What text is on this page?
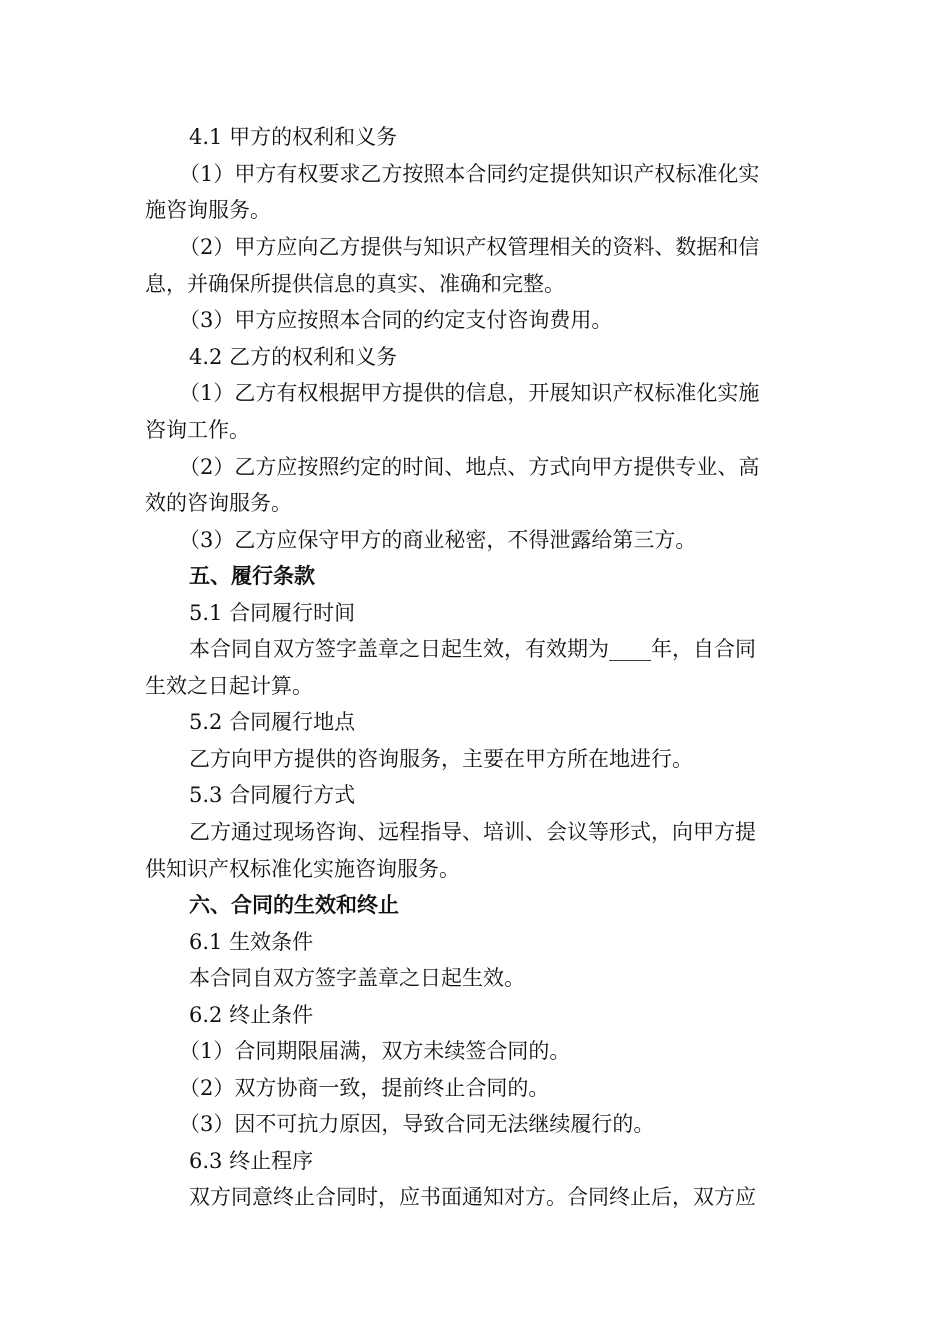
4.1 甲方的权利和义务
（1）甲方有权要求乙方按照本合同约定提供知识产权标准化实
施咨询服务。
（2）甲方应向乙方提供与知识产权管理相关的资料、数据和信
息，并确保所提供信息的真实、准确和完整。
（3）甲方应按照本合同的约定支付咨询费用。
4.2 乙方的权利和义务
（1）乙方有权根据甲方提供的信息，开展知识产权标准化实施
咨询工作。
（2）乙方应按照约定的时间、地点、方式向甲方提供专业、高
效的咨询服务。
（3）乙方应保守甲方的商业秘密，不得泄露给第三方。
五、履行条款
5.1 合同履行时间
本合同自双方签字盖章之日起生效，有效期为____年，自合同
生效之日起计算。
5.2 合同履行地点
乙方向甲方提供的咨询服务，主要在甲方所在地进行。
5.3 合同履行方式
乙方通过现场咨询、远程指导、培训、会议等形式，向甲方提
供知识产权标准化实施咨询服务。
六、合同的生效和终止
6.1 生效条件
本合同自双方签字盖章之日起生效。
6.2 终止条件
（1）合同期限届满，双方未续签合同的。
（2）双方协商一致，提前终止合同的。
（3）因不可抗力原因，导致合同无法继续履行的。
6.3 终止程序
双方同意终止合同时，应书面通知对方。合同终止后，双方应
